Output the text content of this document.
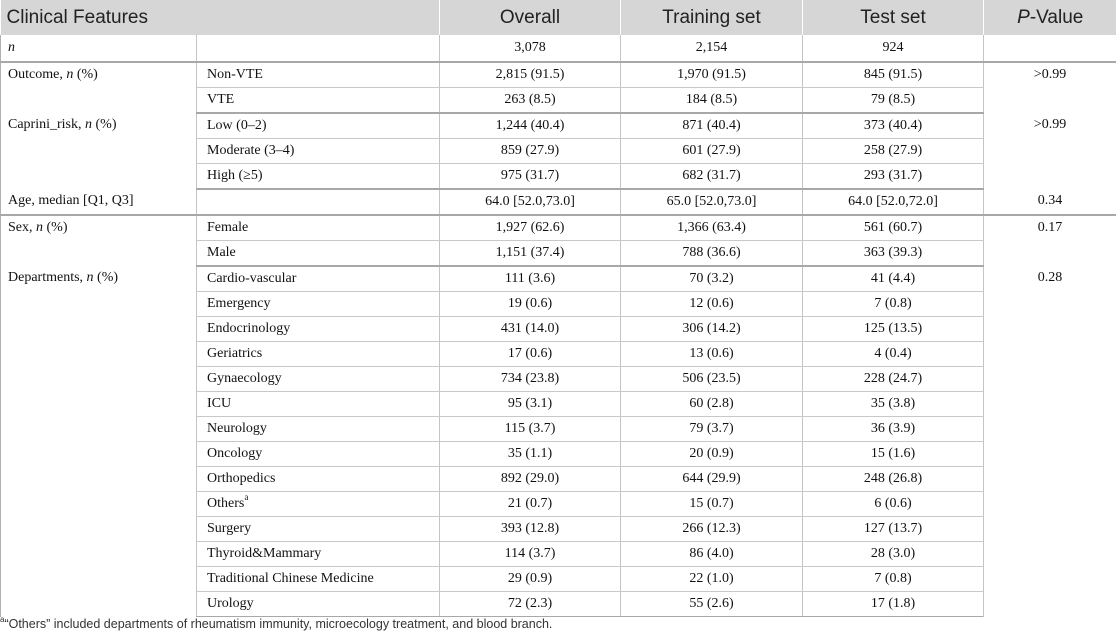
Clinical Features		Overall	Training set	Test set	P-Value
n		3,078	2,154	924	
Outcome, n (%)	Non-VTE	2,815 (91.5)	1,970 (91.5)	845 (91.5)	>0.99
	VTE	263 (8.5)	184 (8.5)	79 (8.5)	
Caprini_risk, n (%)	Low (0–2)	1,244 (40.4)	871 (40.4)	373 (40.4)	>0.99
	Moderate (3–4)	859 (27.9)	601 (27.9)	258 (27.9)	
	High (≥5)	975 (31.7)	682 (31.7)	293 (31.7)	
Age, median [Q1, Q3]		64.0 [52.0,73.0]	65.0 [52.0,73.0]	64.0 [52.0,72.0]	0.34
Sex, n (%)	Female	1,927 (62.6)	1,366 (63.4)	561 (60.7)	0.17
	Male	1,151 (37.4)	788 (36.6)	363 (39.3)	
Departments, n (%)	Cardio-vascular	111 (3.6)	70 (3.2)	41 (4.4)	0.28
	Emergency	19 (0.6)	12 (0.6)	7 (0.8)	
	Endocrinology	431 (14.0)	306 (14.2)	125 (13.5)	
	Geriatrics	17 (0.6)	13 (0.6)	4 (0.4)	
	Gynaecology	734 (23.8)	506 (23.5)	228 (24.7)	
	ICU	95 (3.1)	60 (2.8)	35 (3.8)	
	Neurology	115 (3.7)	79 (3.7)	36 (3.9)	
	Oncology	35 (1.1)	20 (0.9)	15 (1.6)	
	Orthopedics	892 (29.0)	644 (29.9)	248 (26.8)	
	Others$^a$	21 (0.7)	15 (0.7)	6 (0.6)	
	Surgery	393 (12.8)	266 (12.3)	127 (13.7)	
	Thyroid&Mammary	114 (3.7)	86 (4.0)	28 (3.0)	
	Traditional Chinese Medicine	29 (0.9)	22 (1.0)	7 (0.8)	
	Urology	72 (2.3)	55 (2.6)	17 (1.8)	
$^a$“Others” included departments of rheumatism immunity, microecology treatment, and blood branch.
